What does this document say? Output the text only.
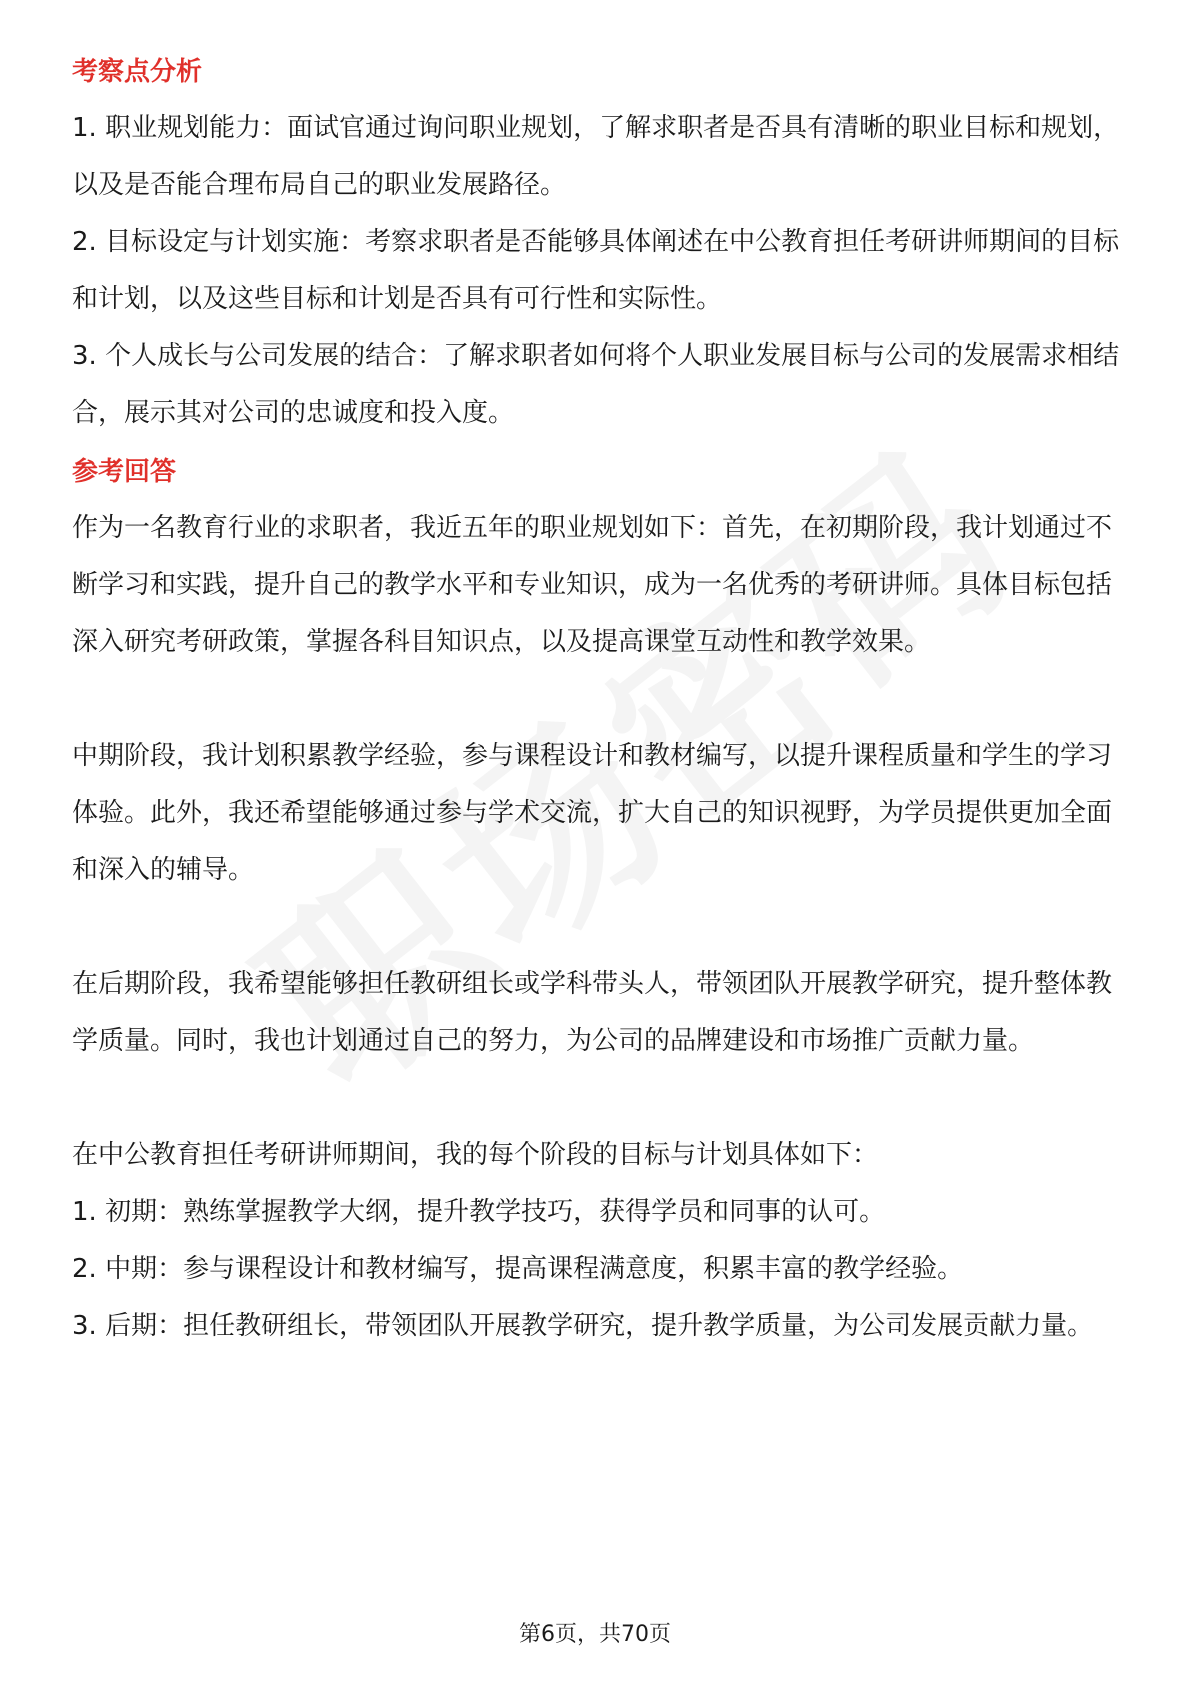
考察点分析

1. 职业规划能力：面试官通过询问职业规划，了解求职者是否具有清晰的职业目标和规划，以及是否能合理布局自己的职业发展路径。

2. 目标设定与计划实施：考察求职者是否能够具体阐述在中公教育担任考研讲师期间的目标和计划，以及这些目标和计划是否具有可行性和实际性。

3. 个人成长与公司发展的结合：了解求职者如何将个人职业发展目标与公司的发展需求相结合，展示其对公司的忠诚度和投入度。

参考回答

作为一名教育行业的求职者，我近五年的职业规划如下：首先，在初期阶段，我计划通过不断学习和实践，提升自己的教学水平和专业知识，成为一名优秀的考研讲师。具体目标包括深入研究考研政策，掌握各科目知识点，以及提高课堂互动性和教学效果。

中期阶段，我计划积累教学经验，参与课程设计和教材编写，以提升课程质量和学生的学习体验。此外，我还希望能够通过参与学术交流，扩大自己的知识视野，为学员提供更加全面和深入的辅导。

在后期阶段，我希望能够担任教研组长或学科带头人，带领团队开展教学研究，提升整体教学质量。同时，我也计划通过自己的努力，为公司的品牌建设和市场推广贡献力量。

在中公教育担任考研讲师期间，我的每个阶段的目标与计划具体如下：

1. 初期：熟练掌握教学大纲，提升教学技巧，获得学员和同事的认可。

2. 中期：参与课程设计和教材编写，提高课程满意度，积累丰富的教学经验。

3. 后期：担任教研组长，带领团队开展教学研究，提升教学质量，为公司发展贡献力量。

第6页，共70页
